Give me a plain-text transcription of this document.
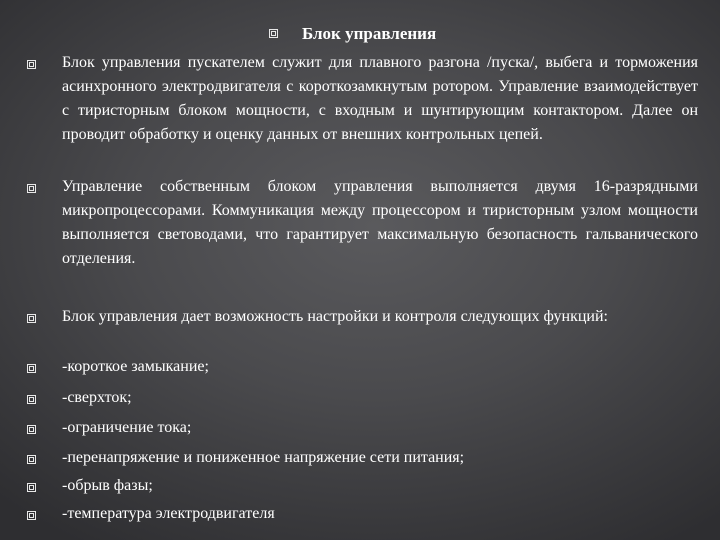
Блок управления
Блок управления пускателем служит для плавного разгона /пуска/, выбега и торможения асинхронного электродвигателя с короткозамкнутым ротором. Управление взаимодействует с тиристорным блоком мощности, с входным и шунтирующим контактором. Далее он проводит обработку и оценку данных от внешних контрольных цепей.
Управление собственным блоком управления выполняется двумя 16-разрядными микропроцессорами. Коммуникация между процессором и тиристорным узлом мощности выполняется световодами, что гарантирует максимальную безопасность гальванического отделения.
Блок управления дает возможность настройки и контроля следующих функций:
-короткое замыкание;
-сверхток;
-ограничение тока;
-перенапряжение и пониженное напряжение сети питания;
-обрыв фазы;
-температура электродвигателя
